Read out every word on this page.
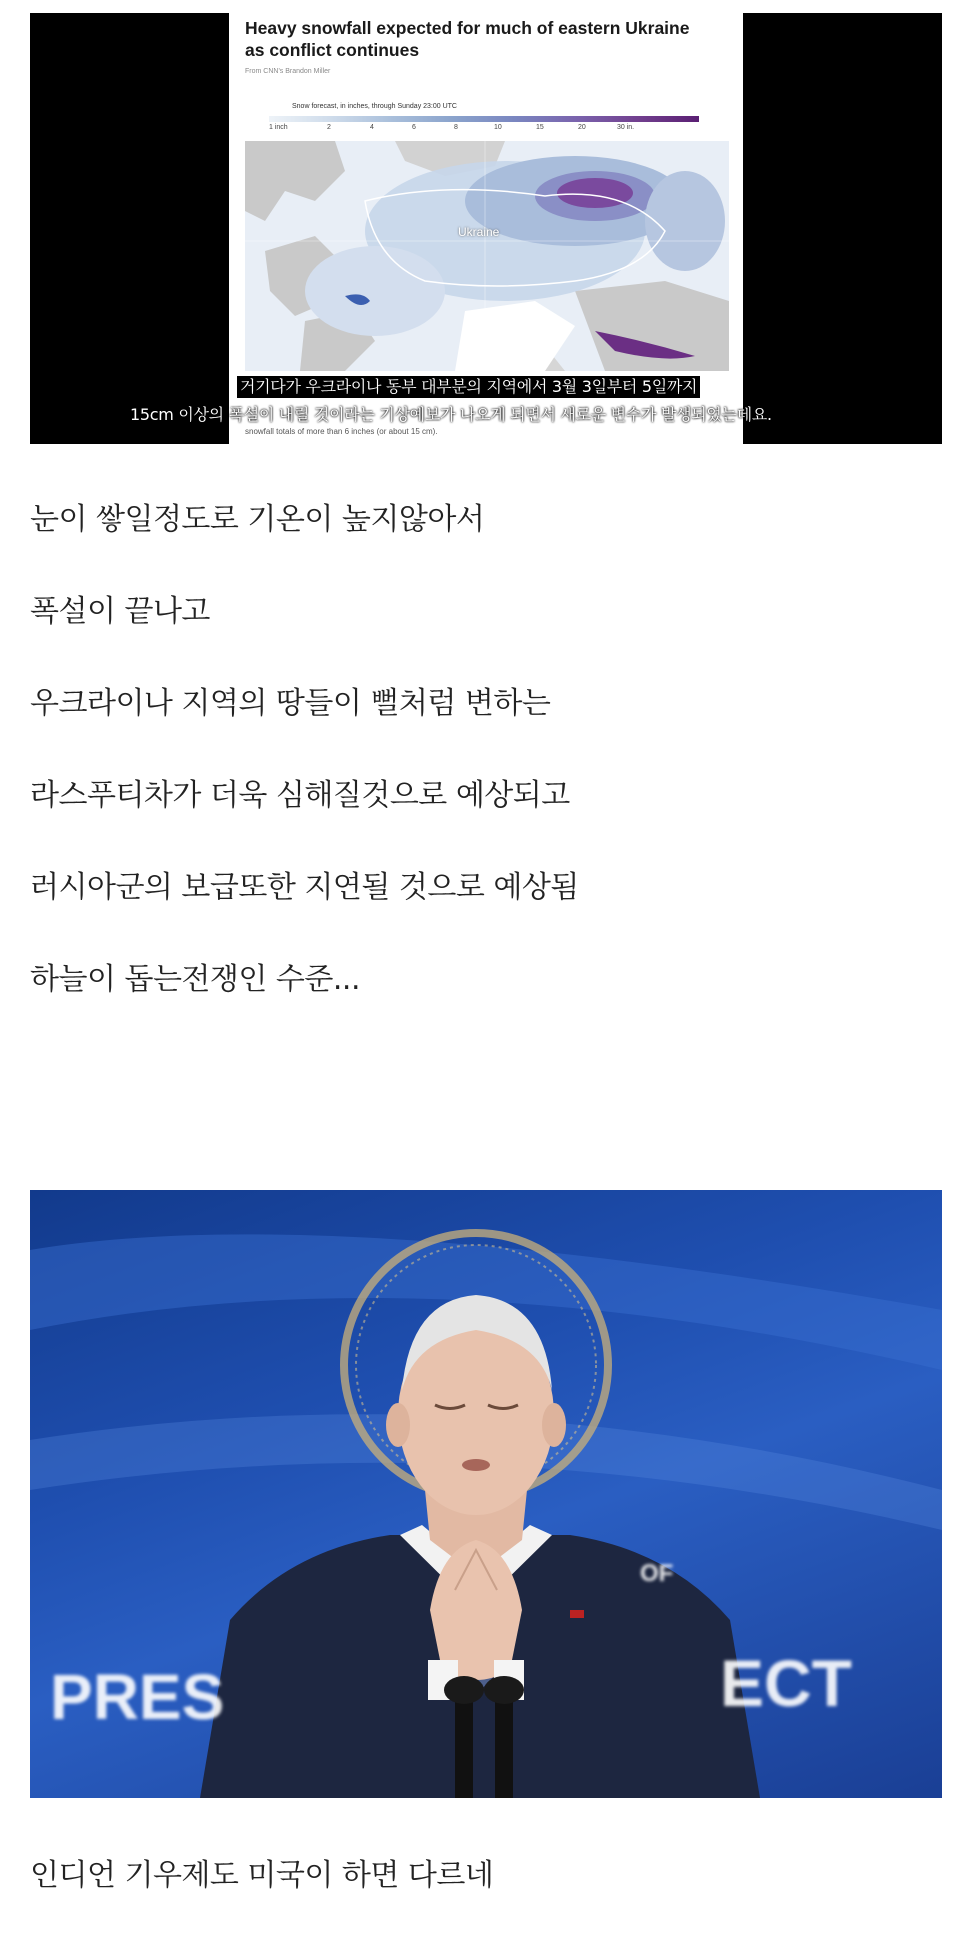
Heavy snowfall expected for much of eastern Ukraine as conflict continues
From CNN's Brandon Miller
Snow forecast, in inches, through Sunday 23:00 UTC
1 inch	2	4	6	8	10	15	20	30 in.
Ukraine
snowfall totals of more than 6 inches (or about 15 cm).
거기다가 우크라이나 동부 대부분의 지역에서 3월 3일부터 5일까지
15cm 이상의 폭설이 내릴 것이라는 기상예보가 나오게 되면서 새로운 변수가 발생되었는데요.
눈이 쌓일정도로 기온이 높지않아서
폭설이 끝나고
우크라이나 지역의 땅들이 뻘처럼 변하는
라스푸티차가 더욱 심해질것으로 예상되고
러시아군의 보급또한 지연될 것으로 예상됨
하늘이 돕는전쟁인 수준...
PRES	ECT
OF
인디언 기우제도 미국이 하면 다르네
